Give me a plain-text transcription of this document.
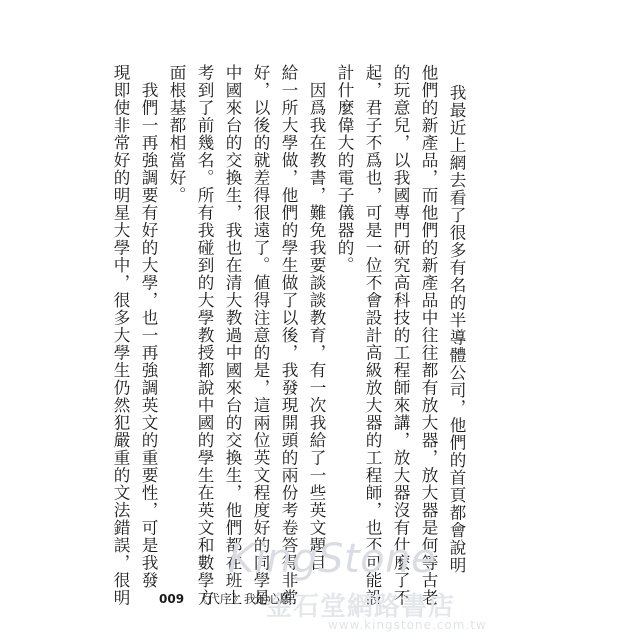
我最近上網去看了很多有名的半導體公司，他們的首頁都會說明
他們的新產品，而他們的新產品中往往都有放大器，放大器是何等古老
的玩意兒，以我國專門研究高科技的工程師來講，放大器沒有什麼了不
起，君子不爲也，可是一位不會設計高級放大器的工程師，也不可能設
計什麼偉大的電子儀器的。
　因爲我在教書，難免我要談談教育，有一次我給了一些英文題目
給一所大學做，他們的學生做了以後，我發現開頭的兩份考卷答得非常
好，以後的就差得很遠了。値得注意的是，這兩位英文程度好的同學是
中國來台的交換生，我也在清大教過中國來台的交換生，他們都在班上
考到了前幾名。所有我碰到的大學教授都說中國的學生在英文和數學方
面根基都相當好。
　我們一再強調要有好的大學，也一再強調英文的重要性，可是我發
現即使非常好的明星大學中，很多大學生仍然犯嚴重的文法錯誤，很明 KingStone
金石堂網路書店
www.kingstone.com.tw
009 《代序》我的心願
